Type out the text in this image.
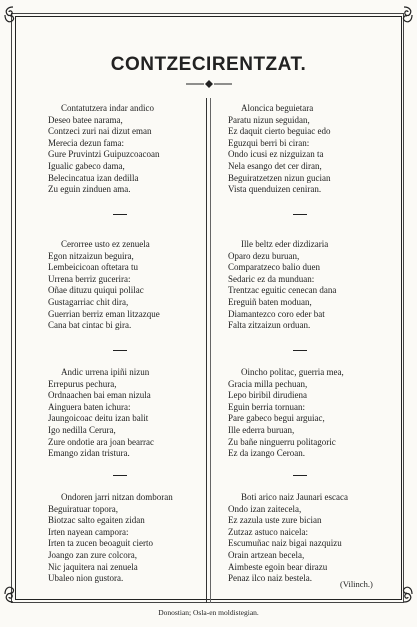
CONTZECIRENTZAT.
Contatutzera indar andico
Deseo batee narama,
Contzeci zuri nai dizut eman
Merecia dezun fama:
Gure Pruvintzi Guipuzcoacoan
Igualic gabeco dama,
Belecincatua izan dedilla
Zu eguin zinduen ama.
Cerorree usto ez zenuela
Egon nitzaizun beguira,
Lembeicicoan oftetara tu
Urrena berriz gucerira:
Oñae dituzu quiqui polilac
Gustagarriac chit dira,
Guerrian berriz eman litzazque
Cana bat cintac bi gira.
Andic urrena ipiñi nizun
Errepurus pechura,
Ordnaachen bai eman nizula
Ainguera baten ichura:
Jaungoicoac deitu izan balit
Igo nedilla Cerura,
Zure ondotie ara joan bearrac
Emango zidan tristura.
Ondoren jarri nitzan domboran
Beguiratuar topora,
Biotzac salto egaiten zidan
Irten nayean campora:
Irten ta zucen beoaguit cierto
Joango zan zure colcora,
Nic jaquitera nai zenuela
Ubaleo nion gustora.
Aloncica beguietara
Paratu nizun seguidan,
Ez daquit cierto beguiac edo
Eguzqui berri bi ciran:
Ondo icusi ez nizguizan ta
Nela esango det cer diran,
Beguiratzetzen nizun gucian
Vista quenduizen ceniran.
Ille beltz eder dizdizaria
Oparo dezu buruan,
Comparatzeco balio duen
Sedaric ez da munduan:
Trentzac eguitic cenecan dana
Ereguiñ baten moduan,
Diamantezco coro eder bat
Falta zitzaizun orduan.
Oincho politac, guerria mea,
Gracia milla pechuan,
Lepo biribil dirudiena
Eguin berria tornuan:
Pare gabeco begui arguiac,
Ille ederra buruan,
Zu bañe ninguerru politagoric
Ez da izango Ceroan.
Boti arico naiz Jaunari escaca
Ondo izan zaitecela,
Ez zazula uste zure bician
Zutzaz astuco naicela:
Escumuñac naiz bigai nazquizu
Orain artzean becela,
Aimbeste egoin bear dirazu
Penaz ilco naiz bestela.
(Vilinch.)
Donostian; Osla-en moldistegian.
